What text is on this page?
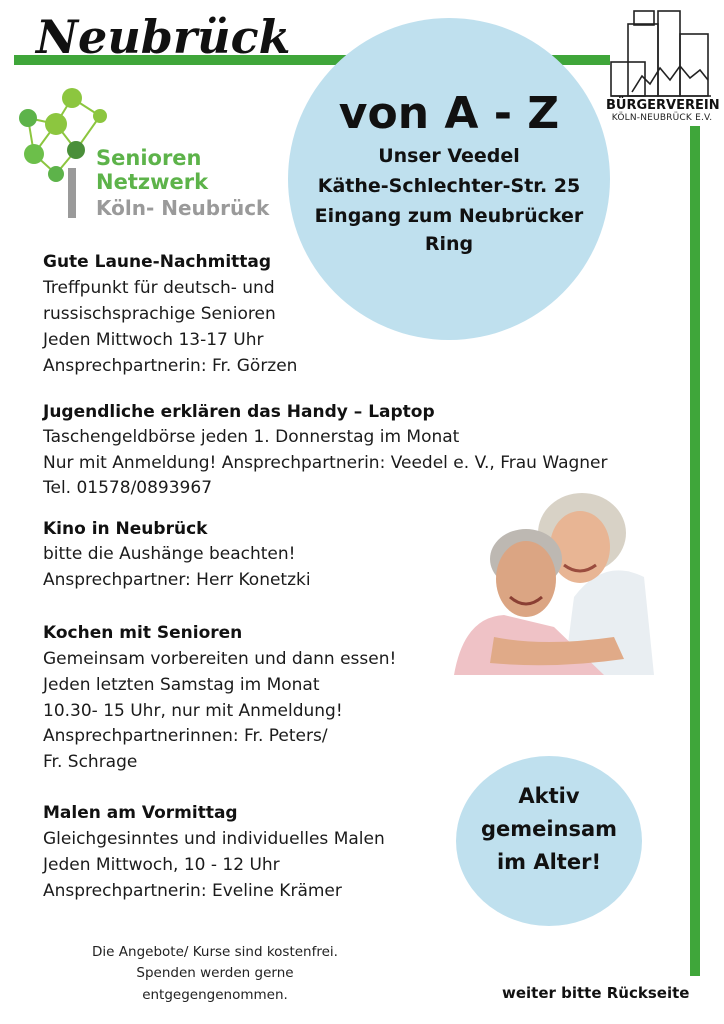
Neubrück
von A - Z
Unser Veedel
Käthe-Schlechter-Str. 25
Eingang zum Neubrücker
Ring
BÜRGERVEREIN
KÖLN-NEUBRÜCK E.V.
Senioren
Netzwerk
Köln- Neubrück
Gute Laune-Nachmittag
Treffpunkt für deutsch- und
russischsprachige Senioren
Jeden Mittwoch 13-17 Uhr
Ansprechpartnerin: Fr. Görzen
Jugendliche erklären das Handy – Laptop
Taschengeldbörse jeden 1. Donnerstag im Monat
Nur mit Anmeldung! Ansprechpartnerin: Veedel e. V., Frau Wagner
Tel. 01578/0893967
Kino in Neubrück
bitte die Aushänge beachten!
Ansprechpartner: Herr Konetzki
Kochen mit Senioren
Gemeinsam vorbereiten und dann essen!
Jeden letzten Samstag im Monat
10.30- 15 Uhr, nur mit Anmeldung!
Ansprechpartnerinnen: Fr. Peters/
Fr. Schrage
Malen am Vormittag
Gleichgesinntes und individuelles Malen
Jeden Mittwoch, 10 - 12 Uhr
Ansprechpartnerin: Eveline Krämer
Aktiv
gemeinsam
im Alter!
Die Angebote/ Kurse sind kostenfrei.
Spenden werden gerne
entgegengenommen.	weiter bitte Rückseite
